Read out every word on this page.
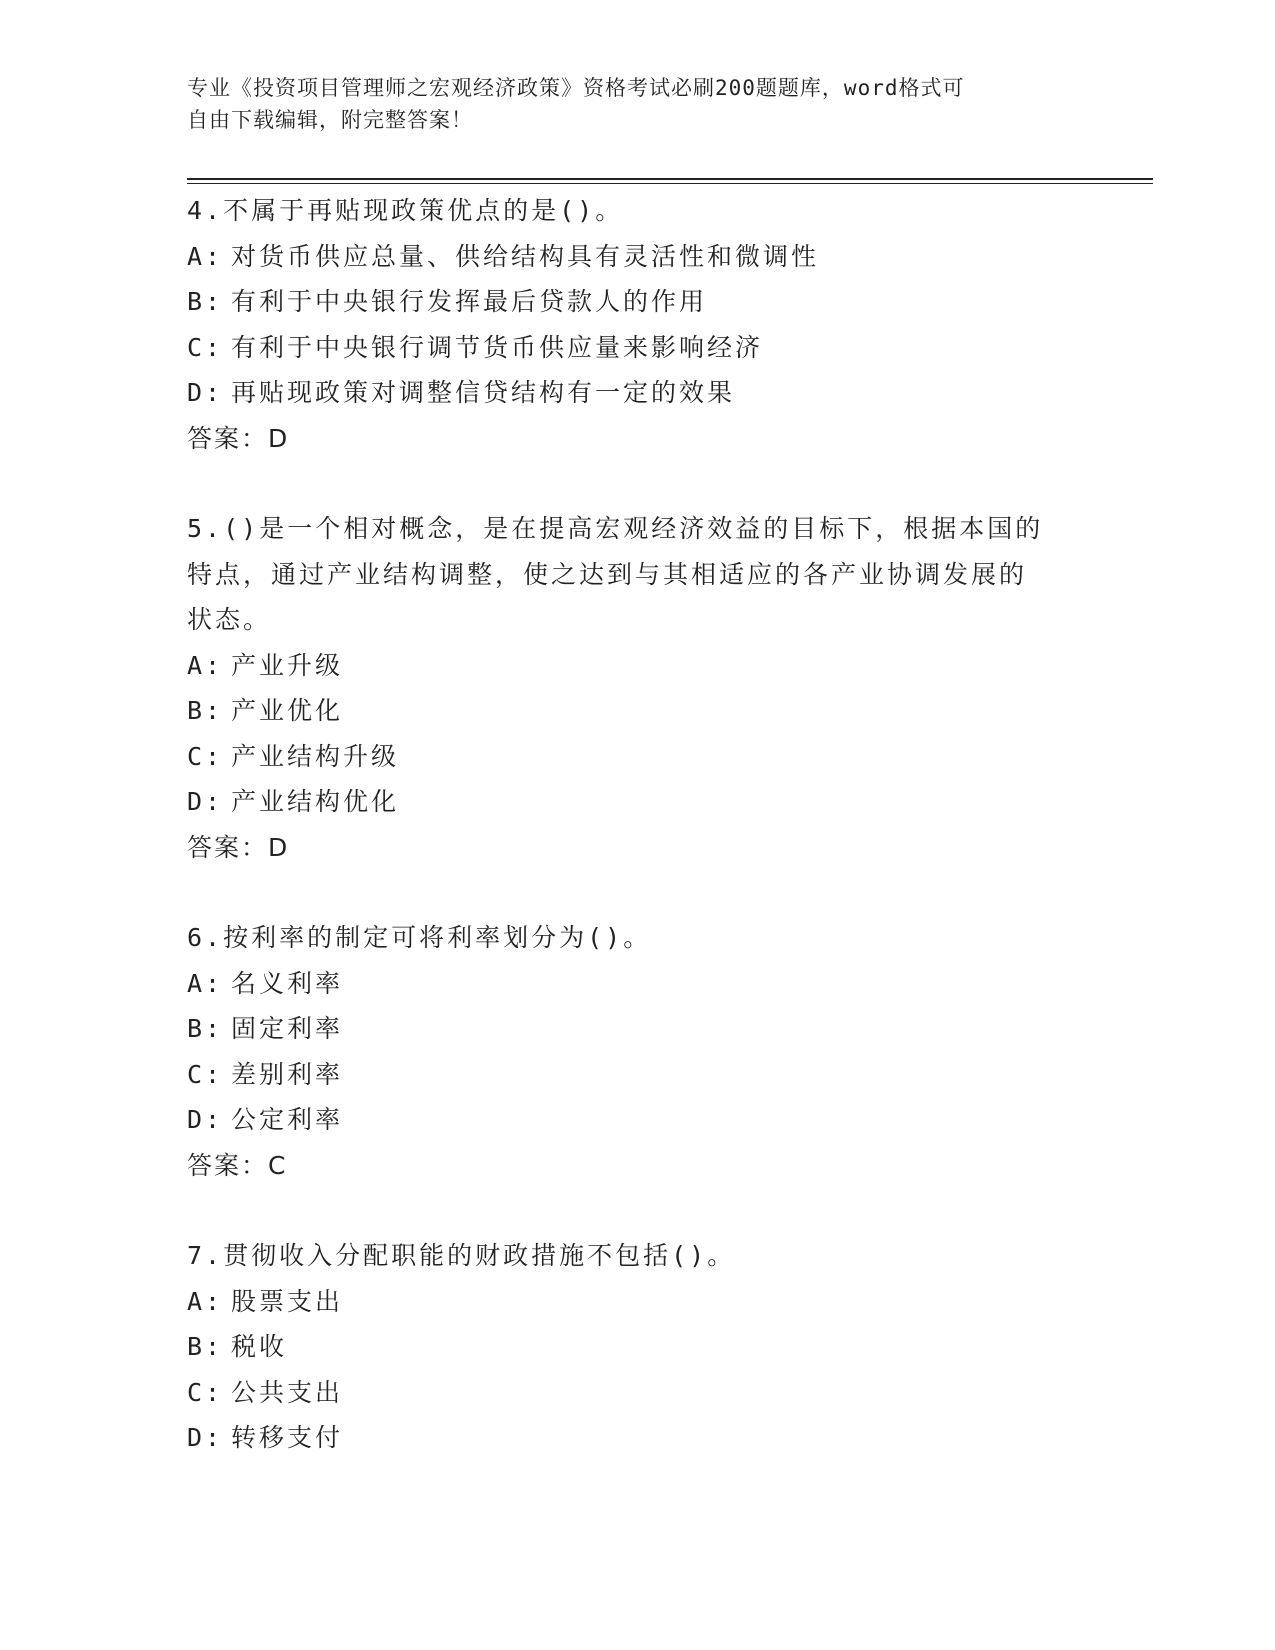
专业《投资项目管理师之宏观经济政策》资格考试必刷200题题库，word格式可
自由下载编辑，附完整答案！
4.不属于再贴现政策优点的是()。
A: 对货币供应总量、供给结构具有灵活性和微调性
B: 有利于中央银行发挥最后贷款人的作用
C: 有利于中央银行调节货币供应量来影响经济
D: 再贴现政策对调整信贷结构有一定的效果
答案：D
5.()是一个相对概念，是在提高宏观经济效益的目标下，根据本国的
特点，通过产业结构调整，使之达到与其相适应的各产业协调发展的
状态。
A: 产业升级
B: 产业优化
C: 产业结构升级
D: 产业结构优化
答案：D
6.按利率的制定可将利率划分为()。
A: 名义利率
B: 固定利率
C: 差别利率
D: 公定利率
答案：C
7.贯彻收入分配职能的财政措施不包括()。
A: 股票支出
B: 税收
C: 公共支出
D: 转移支付
